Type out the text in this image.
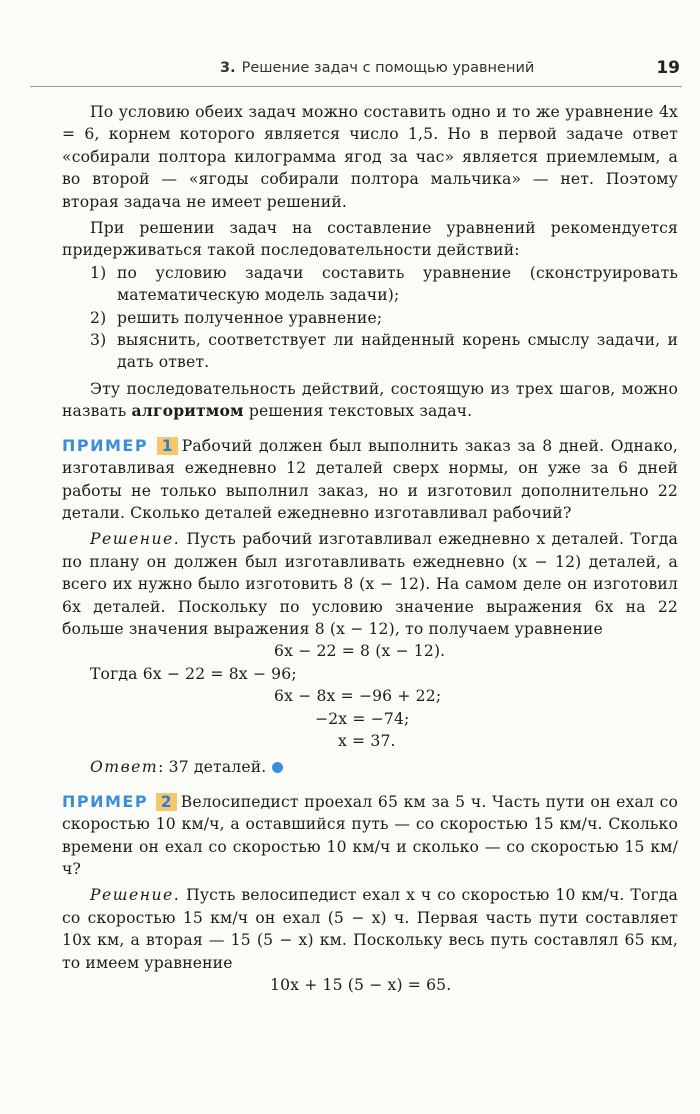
3. Решение задач с помощью уравнений	19

По условию обеих задач можно составить одно и то же уравнение 4x = 6, корнем которого является число 1,5. Но в первой задаче ответ «собирали полтора килограмма ягод за час» является приемлемым, а во второй — «ягоды собирали полтора мальчика» — нет. Поэтому вторая задача не имеет решений.

При решении задач на составление уравнений рекомендуется придерживаться такой последовательности действий:

1) по условию задачи составить уравнение (сконструировать математическую модель задачи);
2) решить полученное уравнение;
3) выяснить, соответствует ли найденный корень смыслу задачи, и дать ответ.

Эту последовательность действий, состоящую из трех шагов, можно назвать алгоритмом решения текстовых задач.

ПРИМЕР 1 Рабочий должен был выполнить заказ за 8 дней. Однако, изготавливая ежедневно 12 деталей сверх нормы, он уже за 6 дней работы не только выполнил заказ, но и изготовил дополнительно 22 детали. Сколько деталей ежедневно изготавливал рабочий?

Решение. Пусть рабочий изготавливал ежедневно x деталей. Тогда по плану он должен был изготавливать ежедневно (x − 12) деталей, а всего их нужно было изготовить 8 (x − 12). На самом деле он изготовил 6x деталей. Поскольку по условию значение выражения 6x на 22 больше значения выражения 8 (x − 12), то получаем уравнение

6x − 22 = 8 (x − 12).
Тогда 6x − 22 = 8x − 96;
6x − 8x = −96 + 22;
−2x = −74;
x = 37.

Ответ: 37 деталей.

ПРИМЕР 2 Велосипедист проехал 65 км за 5 ч. Часть пути он ехал со скоростью 10 км/ч, а оставшийся путь — со скоростью 15 км/ч. Сколько времени он ехал со скоростью 10 км/ч и сколько — со скоростью 15 км/ч?

Решение. Пусть велосипедист ехал x ч со скоростью 10 км/ч. Тогда со скоростью 15 км/ч он ехал (5 − x) ч. Первая часть пути составляет 10x км, а вторая — 15 (5 − x) км. Поскольку весь путь составлял 65 км, то имеем уравнение

10x + 15 (5 − x) = 65.
